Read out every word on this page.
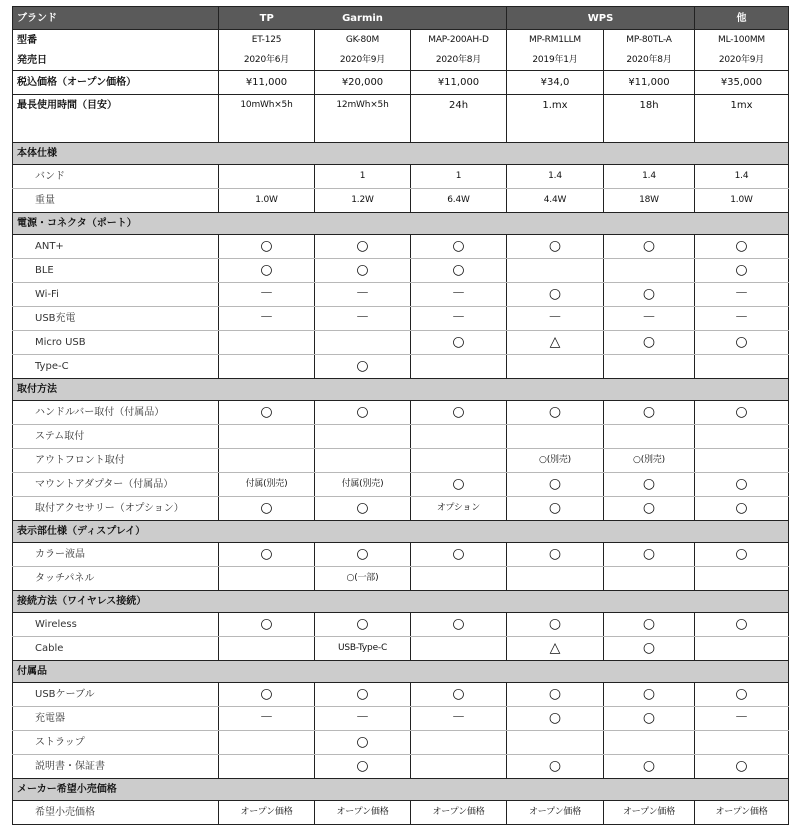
ブランド	TP	Garmin		WPS		他
型番	ET-125	GK-80M	MAP-200AH-D	MP-RM1LLM	MP-80TL-A	ML-100MM
発売日	2020年6月	2020年9月	2020年8月	2019年1月	2020年8月	2020年9月
税込価格（オープン価格）	¥11,000	¥20,000	¥11,000	¥34,0	¥11,000	¥35,000
最長使用時間（目安）	10mWh×5h	12mWh×5h	24h	1.mx	18h	1mx
本体仕様						
バンド		1	1	1.4	1.4	1.4
重量	1.0W	1.2W	6.4W	4.4W	18W	1.0W
電源・コネクタ（ポート）						
ANT+	○	○	○	○	○	○
BLE	○	○	○			○
Wi-Fi	－	－	－	○	○	－
USB充電	－	－	－	－	－	－
Micro USB			○	△	○	○
Type-C		○				
取付方法						
ハンドルバー取付（付属品）	○	○	○	○	○	○
ステム取付						
アウトフロント取付				○(別売)	○(別売)	
マウントアダプター（付属品）	付属(別売)	付属(別売)	○	○	○	○
取付アクセサリー（オプション）	○	○	オプション	○	○	○
表示部仕様（ディスプレイ）						
カラー液晶	○	○	○	○	○	○
タッチパネル		○(一部)				
接続方法（ワイヤレス接続）						
Wireless	○	○	○	○	○	○
Cable		USB-Type-C		△	○	
付属品						
USBケーブル	○	○	○	○	○	○
充電器	－	－	－	○	○	－
ストラップ		○				
説明書・保証書		○		○	○	○
メーカー希望小売価格						
希望小売価格	オープン価格	オープン価格	オープン価格	オープン価格	オープン価格	オープン価格
